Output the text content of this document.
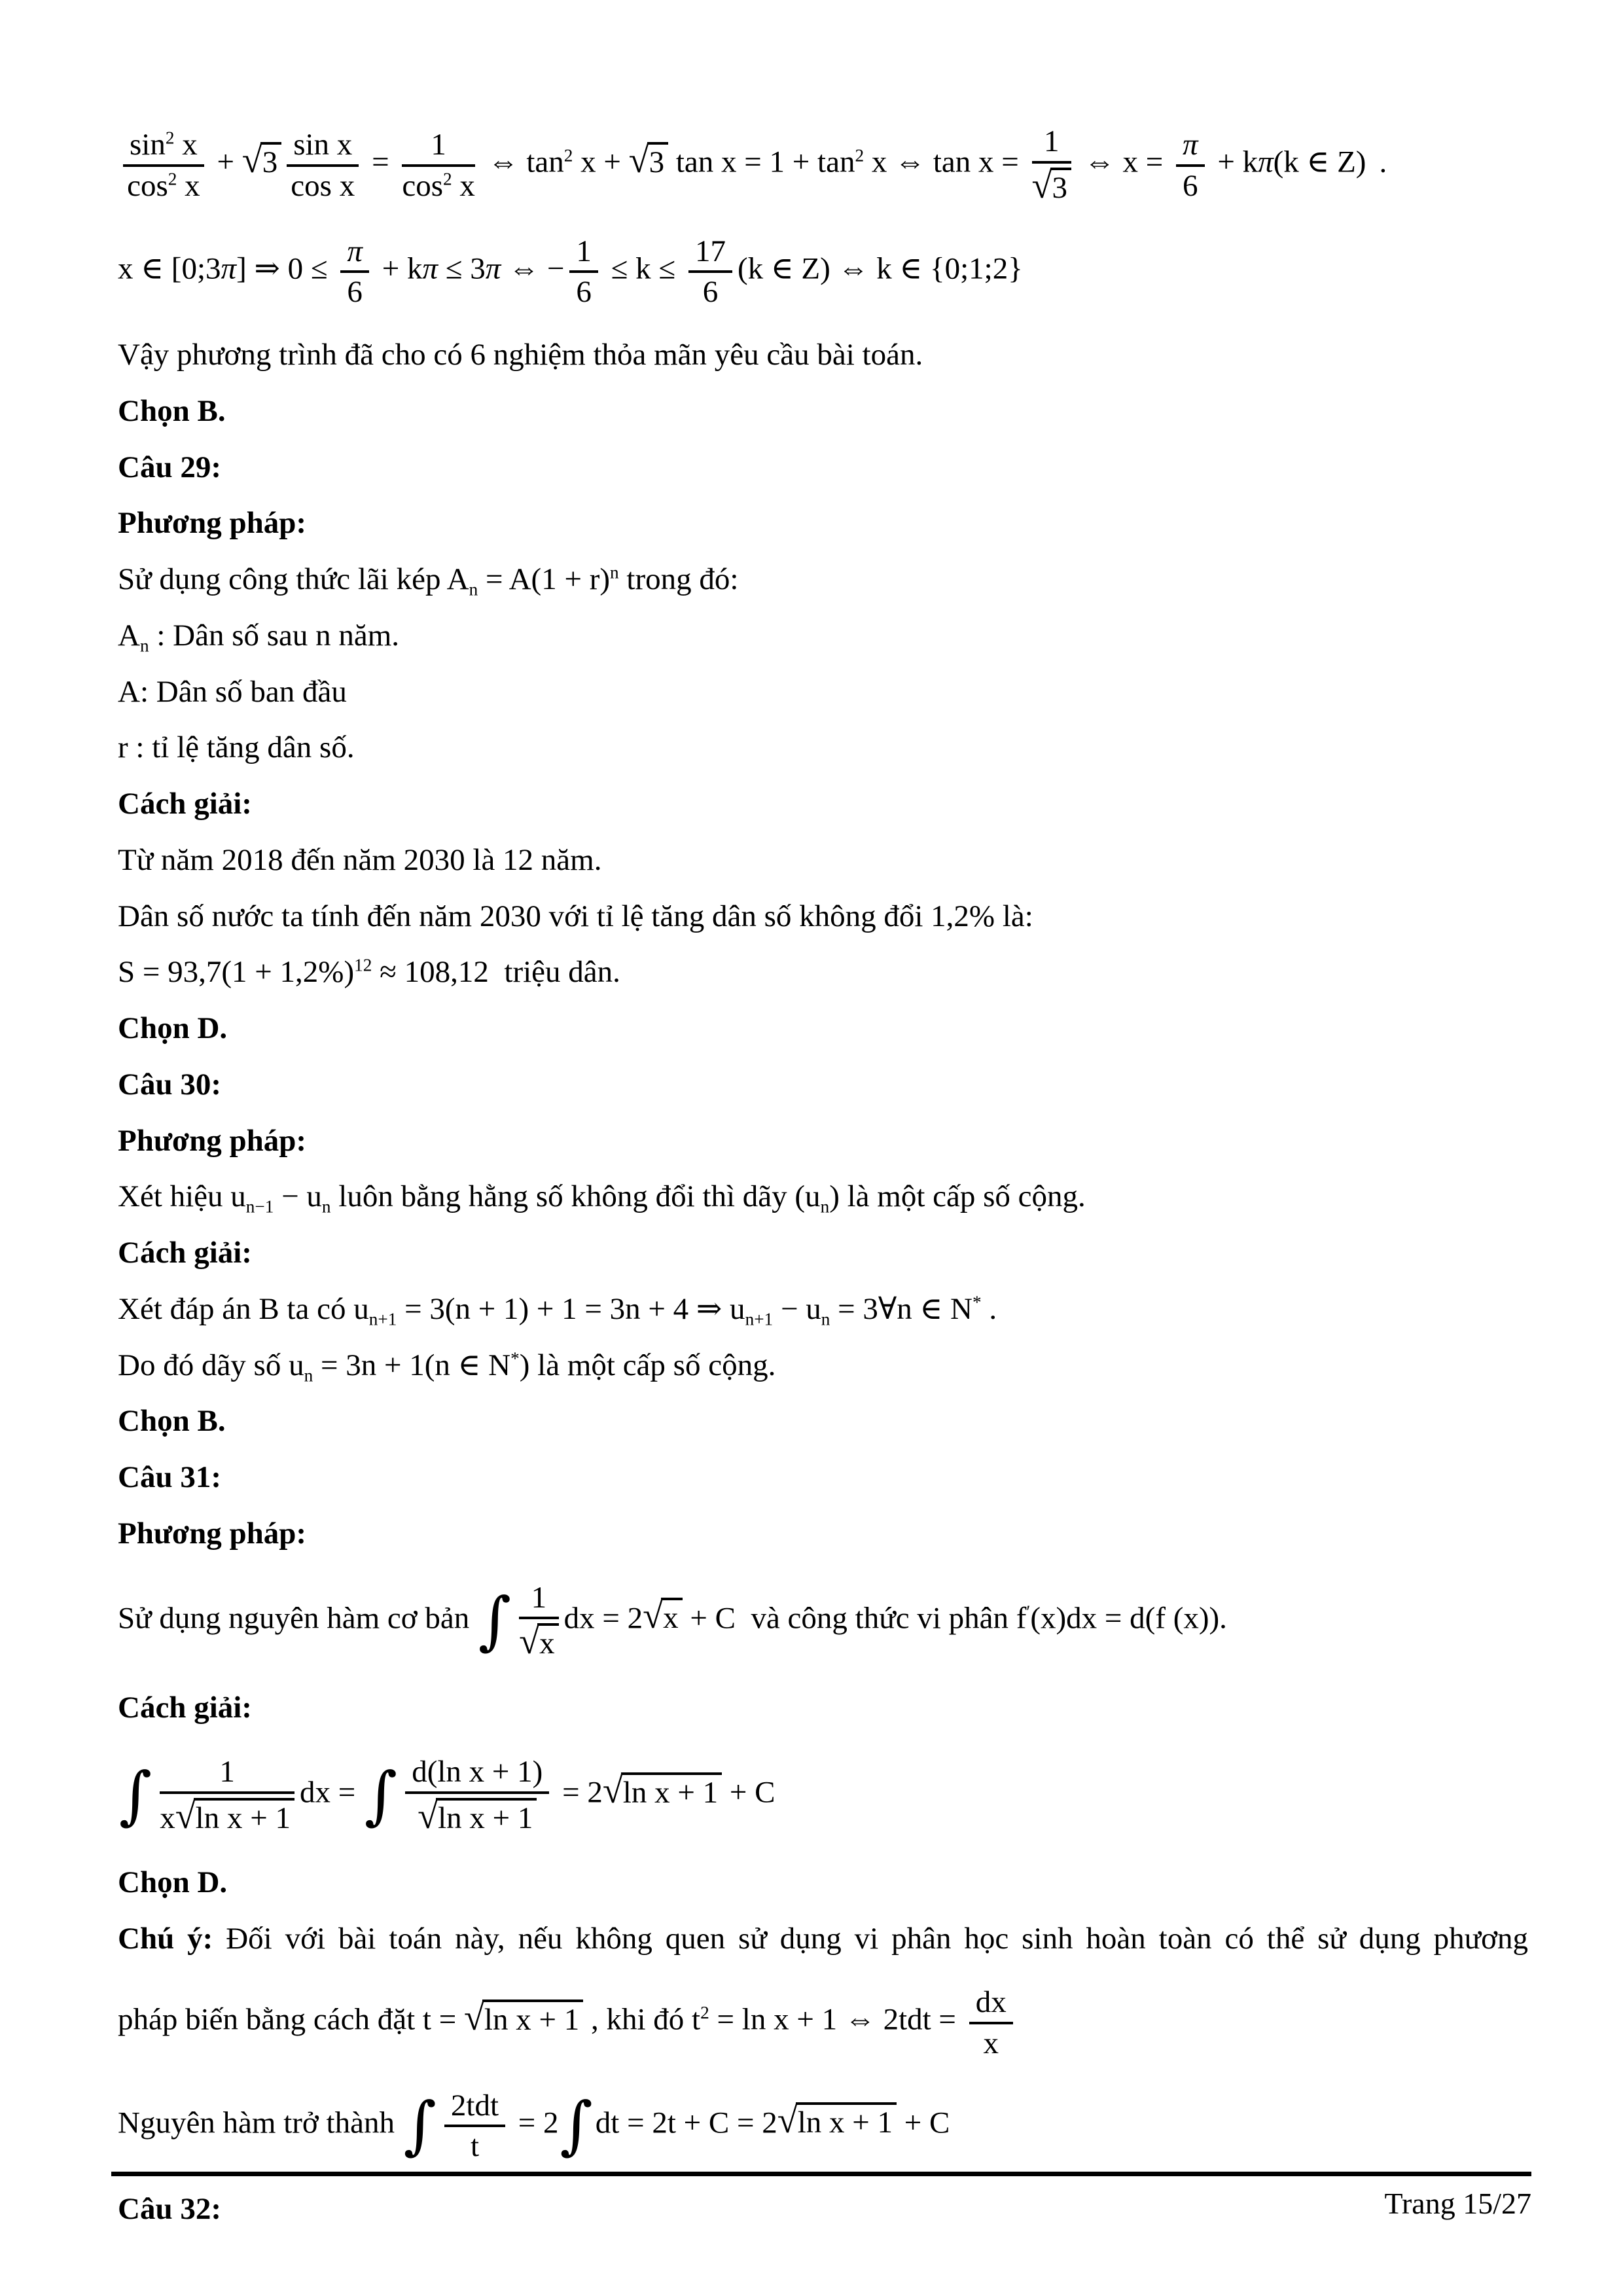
$\frac{\sin^2 x}{\cos^2 x} + √3 \frac{\text{sin x}}{\text{cos x}} = \frac{1}{\cos^2 x}$ ⇔ $\tan^2 x + √3$ $\tan x = 1 + \tan^2 x$ ⇔ $\tan x = \frac{1}{√3}$ ⇔ $x = \frac{\pi}{6} + k\pi(k$ ∈ Z) .
x ∈ [0;3π] ⇒ $0 \le \frac{\pi}{6} + k\pi \le 3\pi$ ⇔ − $\frac{1}{6} \le k \le \frac{17}{6} (k$ ∈ Z) ⇔ k ∈ {0;1;2}
Vậy phương trình đã cho có 6 nghiệm thỏa mãn yêu cầu bài toán.
Chọn B.
Câu 29:
Phương pháp:
Sử dụng công thức lãi kép $A_n = A(1 + r)^n$ trong đó:
$A_n$ : Dân số sau n năm.
A: Dân số ban đầu
r : tỉ lệ tăng dân số.
Cách giải:
Từ năm 2018 đến năm 2030 là 12 năm.
Dân số nước ta tính đến năm 2030 với tỉ lệ tăng dân số không đổi 1,2% là:
$S = 93,7(1 + 1,2\%)^{12} \approx 108,12$  triệu dân.
Chọn D.
Câu 30:
Phương pháp:
Xét hiệu $u_{n-1} - u_n$ luôn bằng hằng số không đổi thì dãy $(u_n)$ là một cấp số cộng.
Cách giải:
Xét đáp án B ta có $u_{n+1} = 3(n + 1) + 1 = 3n + 4$ ⇒ $u_{n+1} - u_n$ = 3∀n ∈ N* .
Do đó dãy số $u_n = 3n + 1(n$ ∈ N*) là một cấp số cộng.
Chọn B.
Câu 31:
Phương pháp:
Sử dụng nguyên hàm cơ bản ∫ $\frac{1}{√x}$ dx = 2√x + C  và công thức vi phân f′(x)dx = d(f (x)).
Cách giải:
∫ $\frac{1}{\text{x√ln x + 1}}$ dx = ∫ $\frac{\text{d(ln x + 1)}}{\text{√ln x + 1}} = 2√\ln$ x + 1 + C
Chọn D.
Chú ý: Đối với bài toán này, nếu không quen sử dụng vi phân học sinh hoàn toàn có thể sử dụng phương
pháp biến bằng cách đặt t = √ln x + 1 , khi đó $t^2 = \ln x + 1$ ⇔ $2tdt = \frac{dx}{x}$
Nguyên hàm trở thành ∫ $\frac{\text{2tdt}}{t} = 2\int dt = 2t + C = 2√\ln$ x + 1 + C
Câu 32:	Trang 15/27
